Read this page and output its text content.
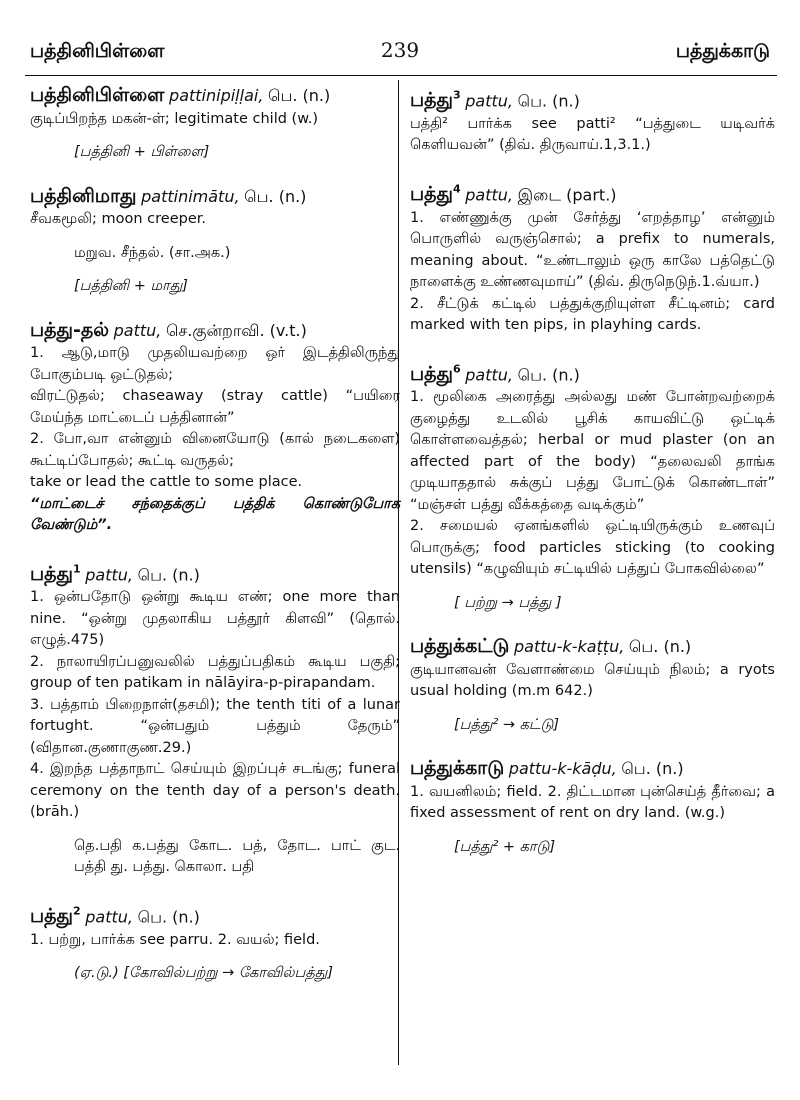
பத்தினிபிள்ளை	239	பத்துக்காடு
பத்தினிபிள்ளை pattinipiḷḷai, பெ. (n.)
குடிப்பிறந்த மகன்-ள்; legitimate child (w.)
[பத்தினி + பிள்ளை]
பத்தினிமாது pattinimātu, பெ. (n.)
சீவகமூலி; moon creeper.
மறுவ. சீந்தல். (சா.அக.)
[பத்தினி + மாது]
பத்து-தல் pattu, செ.குன்றாவி. (v.t.)
1. ஆடு,மாடு முதலியவற்றை ஒர் இடத்திலிருந்து போகும்படி ஒட்டுதல்;
விரட்டுதல்; chaseaway (stray cattle) “பயிரை மேய்ந்த மாட்டைப் பத்தினான்”
2. போ,வா என்னும் வினையோடு (கால் நடைகளை) கூட்டிப்போதல்; கூட்டி வருதல்;
take or lead the cattle to some place.
“மாட்டைச் சந்தைக்குப் பத்திக் கொண்டுபோக வேண்டும்”.
பத்து$^1$ pattu, பெ. (n.)
1. ஒன்பதோடு ஒன்று கூடிய எண்; one more than nine. “ஒன்று முதலாகிய பத்தூர் கிளவி” (தொல். எழுத்.475)
2. நாலாயிரப்பனுவலில் பத்துப்பதிகம் கூடிய பகுதி; group of ten patikam in nālāyira-p-pirapandam.
3. பத்தாம் பிறைநாள்(தசமி); the tenth titi of a lunar fortught. “ஒன்பதும் பத்தும் தேரும்” (விதான.குணாகுண.29.)
4. இறந்த பத்தாநாட் செய்யும் இறப்புச் சடங்கு; funeral ceremony on the tenth day of a person's death. (brāh.)
தெ.பதி க.பத்து கோட. பத், தோட. பாட் குட. பத்தி து. பத்து. கொலா. பதி
பத்து$^2$ pattu, பெ. (n.)
1. பற்று, பார்க்க see parru. 2. வயல்; field.
(ஏ.டு.) [கோவில்பற்று → கோவில்பத்து]
பத்து$^3$ pattu, பெ. (n.)
பத்தி² பார்க்க see patti² “பத்துடை யடிவர்க் கெளியவன்” (திவ். திருவாய்.1,3.1.)
பத்து$^4$ pattu, இடை (part.)
1. எண்ணுக்கு முன் சேர்த்து ‘எறத்தாழ’ என்னும் பொருளில் வருஞ்சொல்; a prefix to numerals, meaning about. “உண்டாலும் ஒரு காலே பத்தெட்டு நாளைக்கு உண்ணவுமாய்” (திவ். திருநெடுந்.1.வ்யா.)
2. சீட்டுக் கட்டில் பத்துக்குறியுள்ள சீட்டினம்; card marked with ten pips, in playhing cards.
பத்து$^6$ pattu, பெ. (n.)
1. மூலிகை அரைத்து அல்லது மண் போன்றவற்றைக் குழைத்து உடலில் பூசிக் காயவிட்டு ஒட்டிக் கொள்ளவைத்தல்; herbal or mud plaster (on an affected part of the body) “தலைவலி தாங்க முடியாததால் சுக்குப் பத்து போட்டுக் கொண்டாள்” “மஞ்சள் பத்து வீக்கத்தை வடிக்கும்”
2. சமையல் ஏனங்களில் ஒட்டியிருக்கும் உணவுப் பொருக்கு; food particles sticking (to cooking utensils) “கழுவியும் சட்டியில் பத்துப் போகவில்லை”
[ பற்று → பத்து ]
பத்துக்கட்டு pattu-k-kaṭṭu, பெ. (n.)
குடியானவன் வேளாண்மை செய்யும் நிலம்; a ryots usual holding (m.m 642.)
[பத்து² → கட்டு]
பத்துக்காடு pattu-k-kāḍu, பெ. (n.)
1. வயனிலம்; field. 2. திட்டமான புன்செய்த் தீர்வை; a fixed assessment of rent on dry land. (w.g.)
[பத்து² + காடு]
